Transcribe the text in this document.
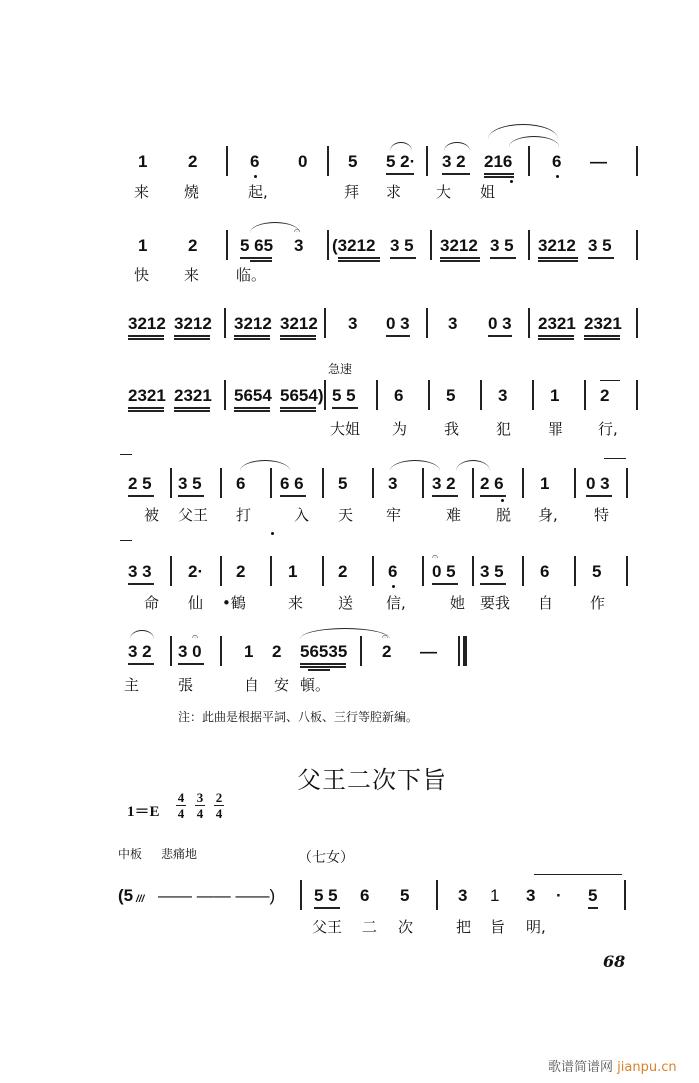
1 2	6 0 5 5 2· 3 2 216 6 —
来 燒	起,	拜 求 大 姐
1 2	5 65
𝄐
3 (3212 3 5 3212 3 5 3212 3 5
快 来 临。
3212 3212 3212 3212 3 0 3 3 0 3 2321 2321
急速
2321 2321 5654 5654) 5 5 6	5	3	1 2
大姐 为 我 犯 罪 行,
2 5 3 5 6 6 6 5 3 3 2 2 6 1 0 3
被 父王 打	入 天 牢	难 脱 身, 特
3 3 2· 2	1 2 6
𝄐
0 5 3 5 6	5
命 仙 •鶴	来 送 信,	她 要我 自 作
3 2
𝄐
3 0 1 2 56535
𝄐
2 —
主	張	自 安 頓。
注：此曲是根据平詞、八板、三行等腔新編。
父王二次下旨
1＝E
4
4
3
4
2
4
中板 悲痛地	（七女）
(5 /// —— —— ——) 5 5 6 5	3 1 3 · 5
父王 二 次	把 旨 明,
68
歌谱简谱网 jianpu.cn
